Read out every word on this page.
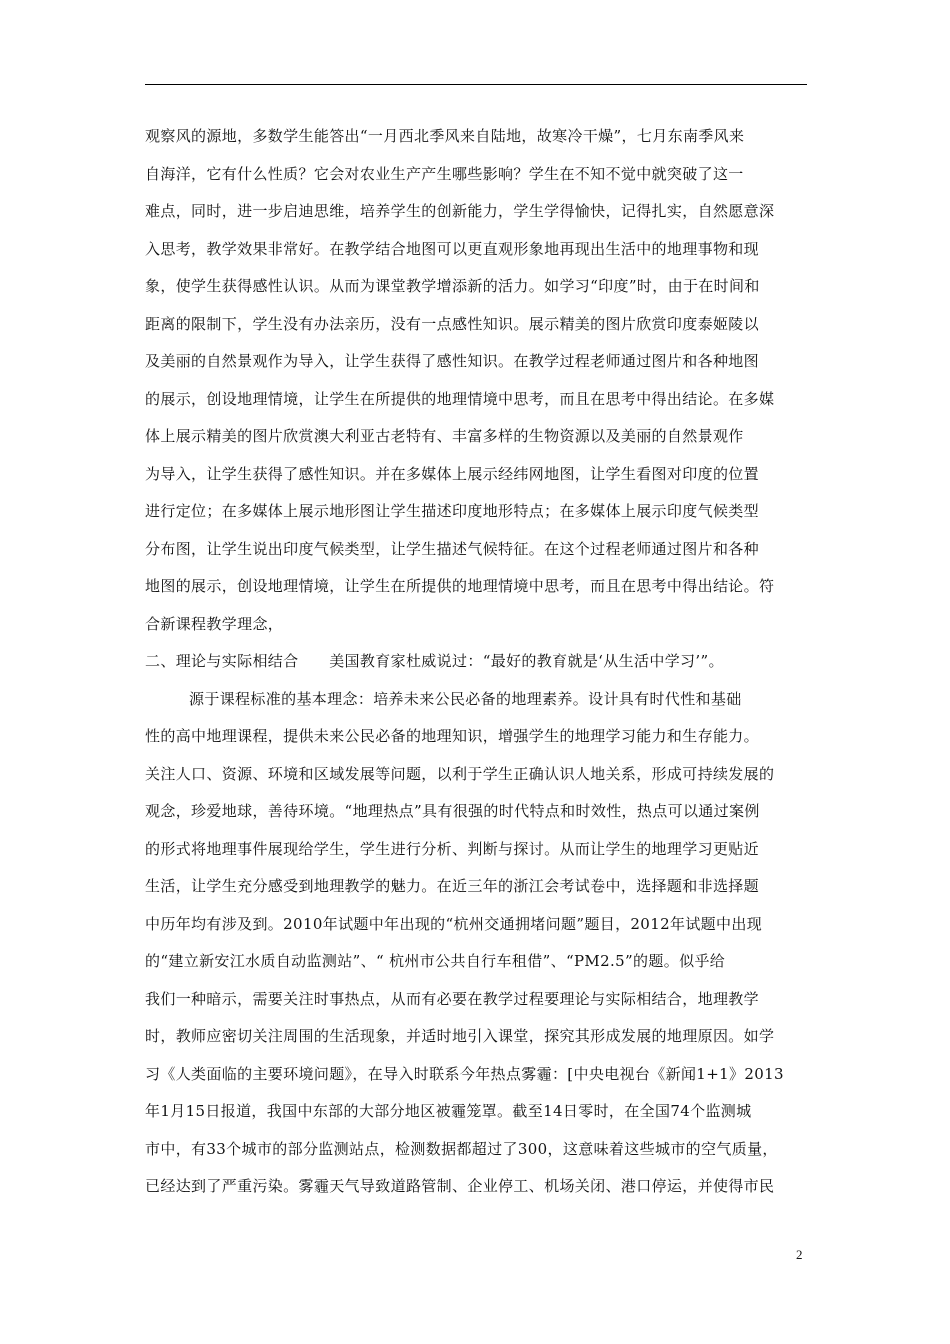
观察风的源地，多数学生能答出“一月西北季风来自陆地，故寒冷干燥”，七月东南季风来
自海洋，它有什么性质？它会对农业生产产生哪些影响？学生在不知不觉中就突破了这一
难点，同时，进一步启迪思维，培养学生的创新能力，学生学得愉快，记得扎实，自然愿意深
入思考，教学效果非常好。在教学结合地图可以更直观形象地再现出生活中的地理事物和现
象，使学生获得感性认识。从而为课堂教学增添新的活力。如学习“印度”时，由于在时间和
距离的限制下，学生没有办法亲历，没有一点感性知识。展示精美的图片欣赏印度泰姬陵以
及美丽的自然景观作为导入，让学生获得了感性知识。在教学过程老师通过图片和各种地图
的展示，创设地理情境，让学生在所提供的地理情境中思考，而且在思考中得出结论。在多媒
体上展示精美的图片欣赏澳大利亚古老特有、丰富多样的生物资源以及美丽的自然景观作
为导入，让学生获得了感性知识。并在多媒体上展示经纬网地图，让学生看图对印度的位置
进行定位；在多媒体上展示地形图让学生描述印度地形特点；在多媒体上展示印度气候类型
分布图，让学生说出印度气候类型，让学生描述气候特征。在这个过程老师通过图片和各种
地图的展示，创设地理情境，让学生在所提供的地理情境中思考，而且在思考中得出结论。符
合新课程教学理念，
二、理论与实际相结合　　美国教育家杜威说过：“最好的教育就是‘从生活中学习’”。
源于课程标准的基本理念：培养未来公民必备的地理素养。设计具有时代性和基础
性的高中地理课程，提供未来公民必备的地理知识，增强学生的地理学习能力和生存能力。
关注人口、资源、环境和区域发展等问题，以利于学生正确认识人地关系，形成可持续发展的
观念，珍爱地球，善待环境。“地理热点”具有很强的时代特点和时效性，热点可以通过案例
的形式将地理事件展现给学生，学生进行分析、判断与探讨。从而让学生的地理学习更贴近
生活，让学生充分感受到地理教学的魅力。在近三年的浙江会考试卷中，选择题和非选择题
中历年均有涉及到。2010年试题中年出现的“杭州交通拥堵问题”题目，2012年试题中出现
的“建立新安江水质自动监测站”、“ 杭州市公共自行车租借”、“PM2.5”的题。似乎给
我们一种暗示，需要关注时事热点，从而有必要在教学过程要理论与实际相结合，地理教学
时，教师应密切关注周围的生活现象，并适时地引入课堂，探究其形成发展的地理原因。如学
习《人类面临的主要环境问题》，在导入时联系今年热点雾霾：[中央电视台《新闻1+1》2013
年1月15日报道，我国中东部的大部分地区被霾笼罩。截至14日零时，在全国74个监测城
市中，有33个城市的部分监测站点，检测数据都超过了300，这意味着这些城市的空气质量，
已经达到了严重污染。雾霾天气导致道路管制、企业停工、机场关闭、港口停运，并使得市民
2
